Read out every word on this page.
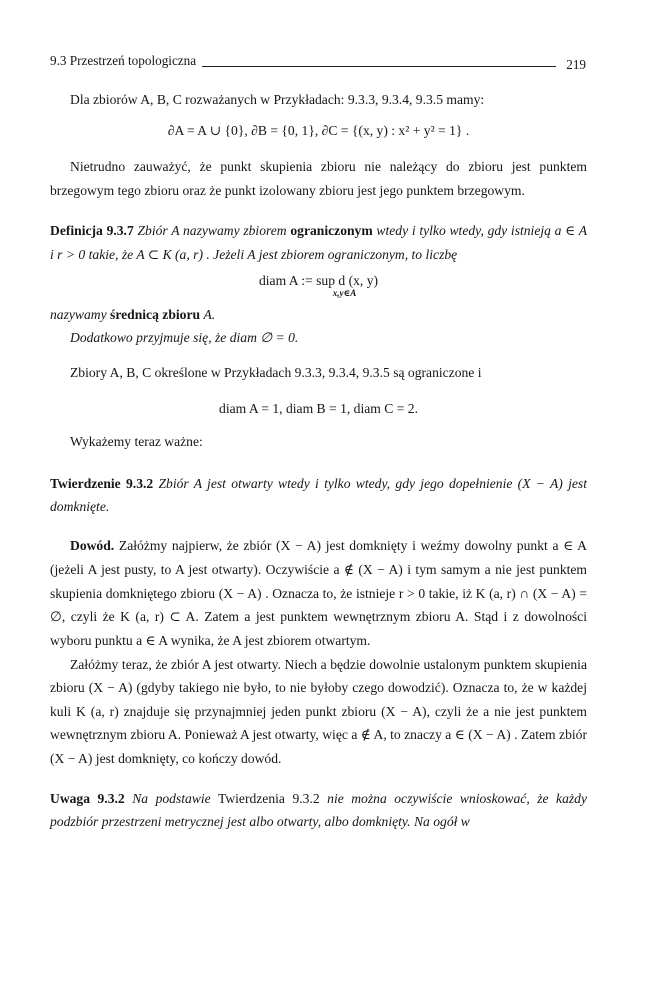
9.3 Przestrzeń topologiczna	219

Dla zbiorów A, B, C rozważanych w Przykładach: 9.3.3, 9.3.4, 9.3.5 mamy:

∂A = A ∪ {0}, ∂B = {0, 1}, ∂C = {(x, y) : x² + y² = 1} .

Nietrudno zauważyć, że punkt skupienia zbioru nie należący do zbioru jest punktem brzegowym tego zbioru oraz że punkt izolowany zbioru jest jego punktem brzegowym.

Definicja 9.3.7 Zbiór A nazywamy zbiorem ograniczonym wtedy i tylko wtedy, gdy istnieją a ∈ A i r > 0 takie, że A ⊂ K (a, r) . Jeżeli A jest zbiorem ograniczonym, to liczbę

diam A := sup d (x, y)
x,y∈A

nazywamy średnicą zbioru A.

Dodatkowo przyjmuje się, że diam ∅ = 0.

Zbiory A, B, C określone w Przykładach 9.3.3, 9.3.4, 9.3.5 są ograniczone i

diam A = 1, diam B = 1, diam C = 2.

Wykażemy teraz ważne:

Twierdzenie 9.3.2 Zbiór A jest otwarty wtedy i tylko wtedy, gdy jego dopełnienie (X − A) jest domknięte.

Dowód. Załóżmy najpierw, że zbiór (X − A) jest domknięty i weźmy dowolny punkt a ∈ A (jeżeli A jest pusty, to A jest otwarty). Oczywiście a ∉ (X − A) i tym samym a nie jest punktem skupienia domkniętego zbioru (X − A) . Oznacza to, że istnieje r > 0 takie, iż K (a, r) ∩ (X − A) = ∅, czyli że K (a, r) ⊂ A. Zatem a jest punktem wewnętrznym zbioru A. Stąd i z dowolności wyboru punktu a ∈ A wynika, że A jest zbiorem otwartym.

Załóżmy teraz, że zbiór A jest otwarty. Niech a będzie dowolnie ustalonym punktem skupienia zbioru (X − A) (gdyby takiego nie było, to nie byłoby czego dowodzić). Oznacza to, że w każdej kuli K (a, r) znajduje się przynajmniej jeden punkt zbioru (X − A), czyli że a nie jest punktem wewnętrznym zbioru A. Ponieważ A jest otwarty, więc a ∉ A, to znaczy a ∈ (X − A) . Zatem zbiór (X − A) jest domknięty, co kończy dowód.

Uwaga 9.3.2 Na podstawie Twierdzenia 9.3.2 nie można oczywiście wnioskować, że każdy podzbiór przestrzeni metrycznej jest albo otwarty, albo domknięty. Na ogół w
